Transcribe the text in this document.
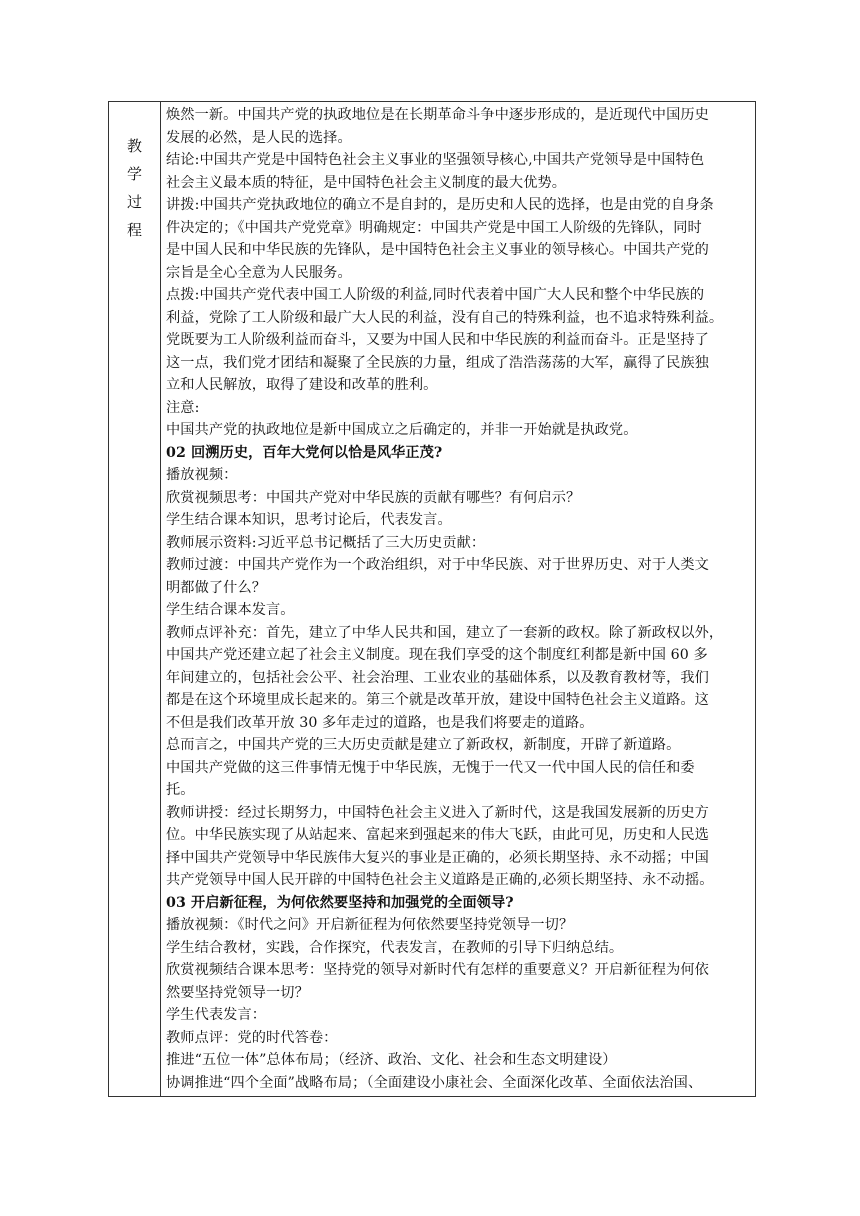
教
学
过
程

焕然一新。中国共产党的执政地位是在长期革命斗争中逐步形成的，是近现代中国历史

发展的必然，是人民的选择。

结论:中国共产党是中国特色社会主义事业的坚强领导核心,中国共产党领导是中国特色

社会主义最本质的特征，是中国特色社会主义制度的最大优势。

讲拨:中国共产党执政地位的确立不是自封的，是历史和人民的选择，也是由党的自身条

件决定的；《中国共产党党章》明确规定：中国共产党是中国工人阶级的先锋队，同时

是中国人民和中华民族的先锋队，是中国特色社会主义事业的领导核心。中国共产党的

宗旨是全心全意为人民服务。

点拨:中国共产党代表中国工人阶级的利益,同时代表着中国广大人民和整个中华民族的

利益，党除了工人阶级和最广大人民的利益，没有自己的特殊利益，也不追求特殊利益。

党既要为工人阶级利益而奋斗，又要为中国人民和中华民族的利益而奋斗。正是坚持了

这一点，我们党才团结和凝聚了全民族的力量，组成了浩浩荡荡的大军，赢得了民族独

立和人民解放，取得了建设和改革的胜利。

注意:

中国共产党的执政地位是新中国成立之后确定的，并非一开始就是执政党。

02 回溯历史，百年大党何以恰是风华正茂?

播放视频：

欣赏视频思考：中国共产党对中华民族的贡献有哪些？有何启示？

学生结合课本知识，思考讨论后，代表发言。

教师展示资料:习近平总书记概括了三大历史贡献：

教师过渡：中国共产党作为一个政治组织，对于中华民族、对于世界历史、对于人类文

明都做了什么？

学生结合课本发言。

教师点评补充：首先，建立了中华人民共和国，建立了一套新的政权。除了新政权以外，

中国共产党还建立起了社会主义制度。现在我们享受的这个制度红利都是新中国 60 多

年间建立的，包括社会公平、社会治理、工业农业的基础体系，以及教育教材等，我们

都是在这个环境里成长起来的。第三个就是改革开放，建设中国特色社会主义道路。这

不但是我们改革开放 30 多年走过的道路，也是我们将要走的道路。

总而言之，中国共产党的三大历史贡献是建立了新政权，新制度，开辟了新道路。

中国共产党做的这三件事情无愧于中华民族，无愧于一代又一代中国人民的信任和委

托。

教师讲授：经过长期努力，中国特色社会主义进入了新时代，这是我国发展新的历史方

位。中华民族实现了从站起来、富起来到强起来的伟大飞跃，由此可见，历史和人民选

择中国共产党领导中华民族伟大复兴的事业是正确的，必须长期坚持、永不动摇；中国

共产党领导中国人民开辟的中国特色社会主义道路是正确的,必须长期坚持、永不动摇。

03 开启新征程，为何依然要坚持和加强党的全面领导?

播放视频：《时代之问》开启新征程为何依然要坚持党领导一切？

学生结合教材，实践，合作探究，代表发言，在教师的引导下归纳总结。

欣赏视频结合课本思考：坚持党的领导对新时代有怎样的重要意义？开启新征程为何依

然要坚持党领导一切？

学生代表发言：

教师点评：党的时代答卷：

推进“五位一体”总体布局；（经济、政治、文化、社会和生态文明建设）

协调推进“四个全面”战略布局；（全面建设小康社会、全面深化改革、全面依法治国、
